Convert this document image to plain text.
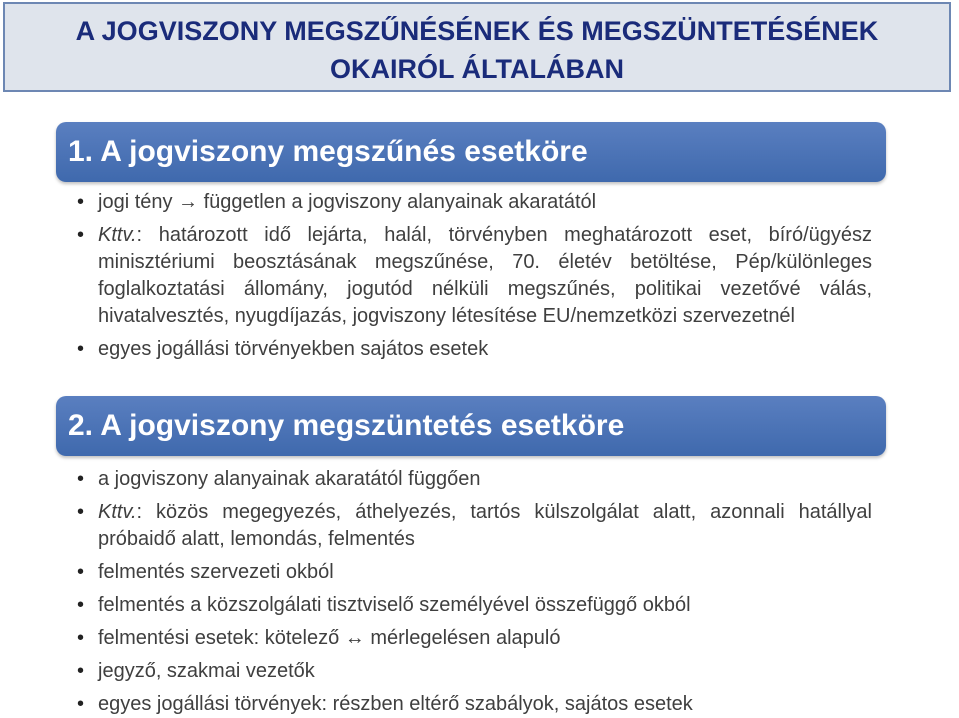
A JOGVISZONY MEGSZŰNÉSÉNEK ÉS MEGSZÜNTETÉSÉNEK
OKAIRÓL ÁLTALÁBAN
1. A jogviszony megszűnés esetköre
• jogi tény → független a jogviszony alanyainak akaratától
• Kttv.: határozott idő lejárta, halál, törvényben meghatározott eset, bíró/ügyész minisztériumi beosztásának megszűnése, 70. életév betöltése, Pép/különleges foglalkoztatási állomány, jogutód nélküli megszűnés, politikai vezetővé válás, hivatalvesztés, nyugdíjazás, jogviszony létesítése EU/nemzetközi szervezetnél
• egyes jogállási törvényekben sajátos esetek
2. A jogviszony megszüntetés esetköre
• a jogviszony alanyainak akaratától függően
• Kttv.: közös megegyezés, áthelyezés, tartós külszolgálat alatt, azonnali hatállyal próbaidő alatt, lemondás, felmentés
• felmentés szervezeti okból
• felmentés a közszolgálati tisztviselő személyével összefüggő okból
• felmentési esetek: kötelező ↔ mérlegelésen alapuló
• jegyző, szakmai vezetők
• egyes jogállási törvények: részben eltérő szabályok, sajátos esetek
